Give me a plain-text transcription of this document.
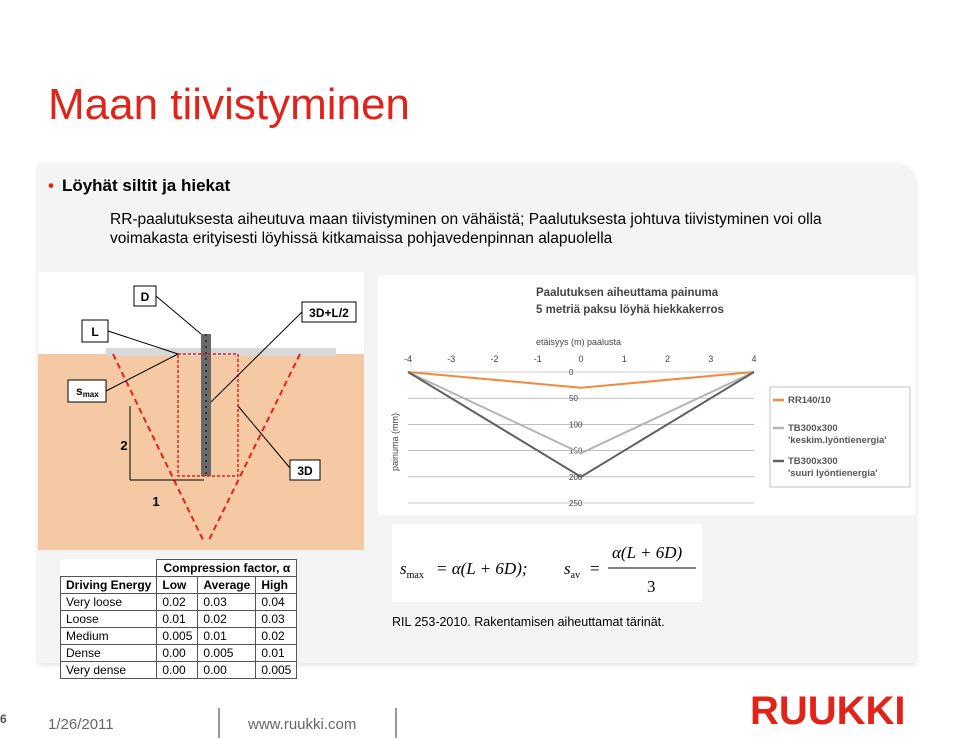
Maan tiivistyminen
• Löyhät siltit ja hiekat
RR-paalutuksesta aiheutuva maan tiivistyminen on vähäistä; Paalutuksesta johtuva tiivistyminen voi olla voimakasta erityisesti löyhissä kitkamaissa pohjavedenpinnan alapuolella
D
L
3D+L/2
smax
3D
2
1
Paalutuksen aiheuttama painuma
5 metriä paksu löyhä hiekkakerros
etäisyys (m) paalusta
painuma (mm)
-4	-3	-2	-1	0	1	2	3	4
0
50
100
150
200
250
RR140/10
TB300x300 'keskim.lyöntienergia'
TB300x300 'suuri lyöntienergia'
$s_{max} = \alpha(L + 6D)$; $s_{av}$ =
α(L + 6D)
3
RIL 253-2010. Rakentamisen aiheuttamat tärinät.
	Compression factor, α		
Driving Energy	Low	Average	High
Very loose	0.02	0.03	0.04
Loose	0.01	0.02	0.03
Medium	0.005	0.01	0.02
Dense	0.00	0.005	0.01
Very dense	0.00	0.00	0.005
6	1/26/2011	www.ruukki.com	RUUKKI
